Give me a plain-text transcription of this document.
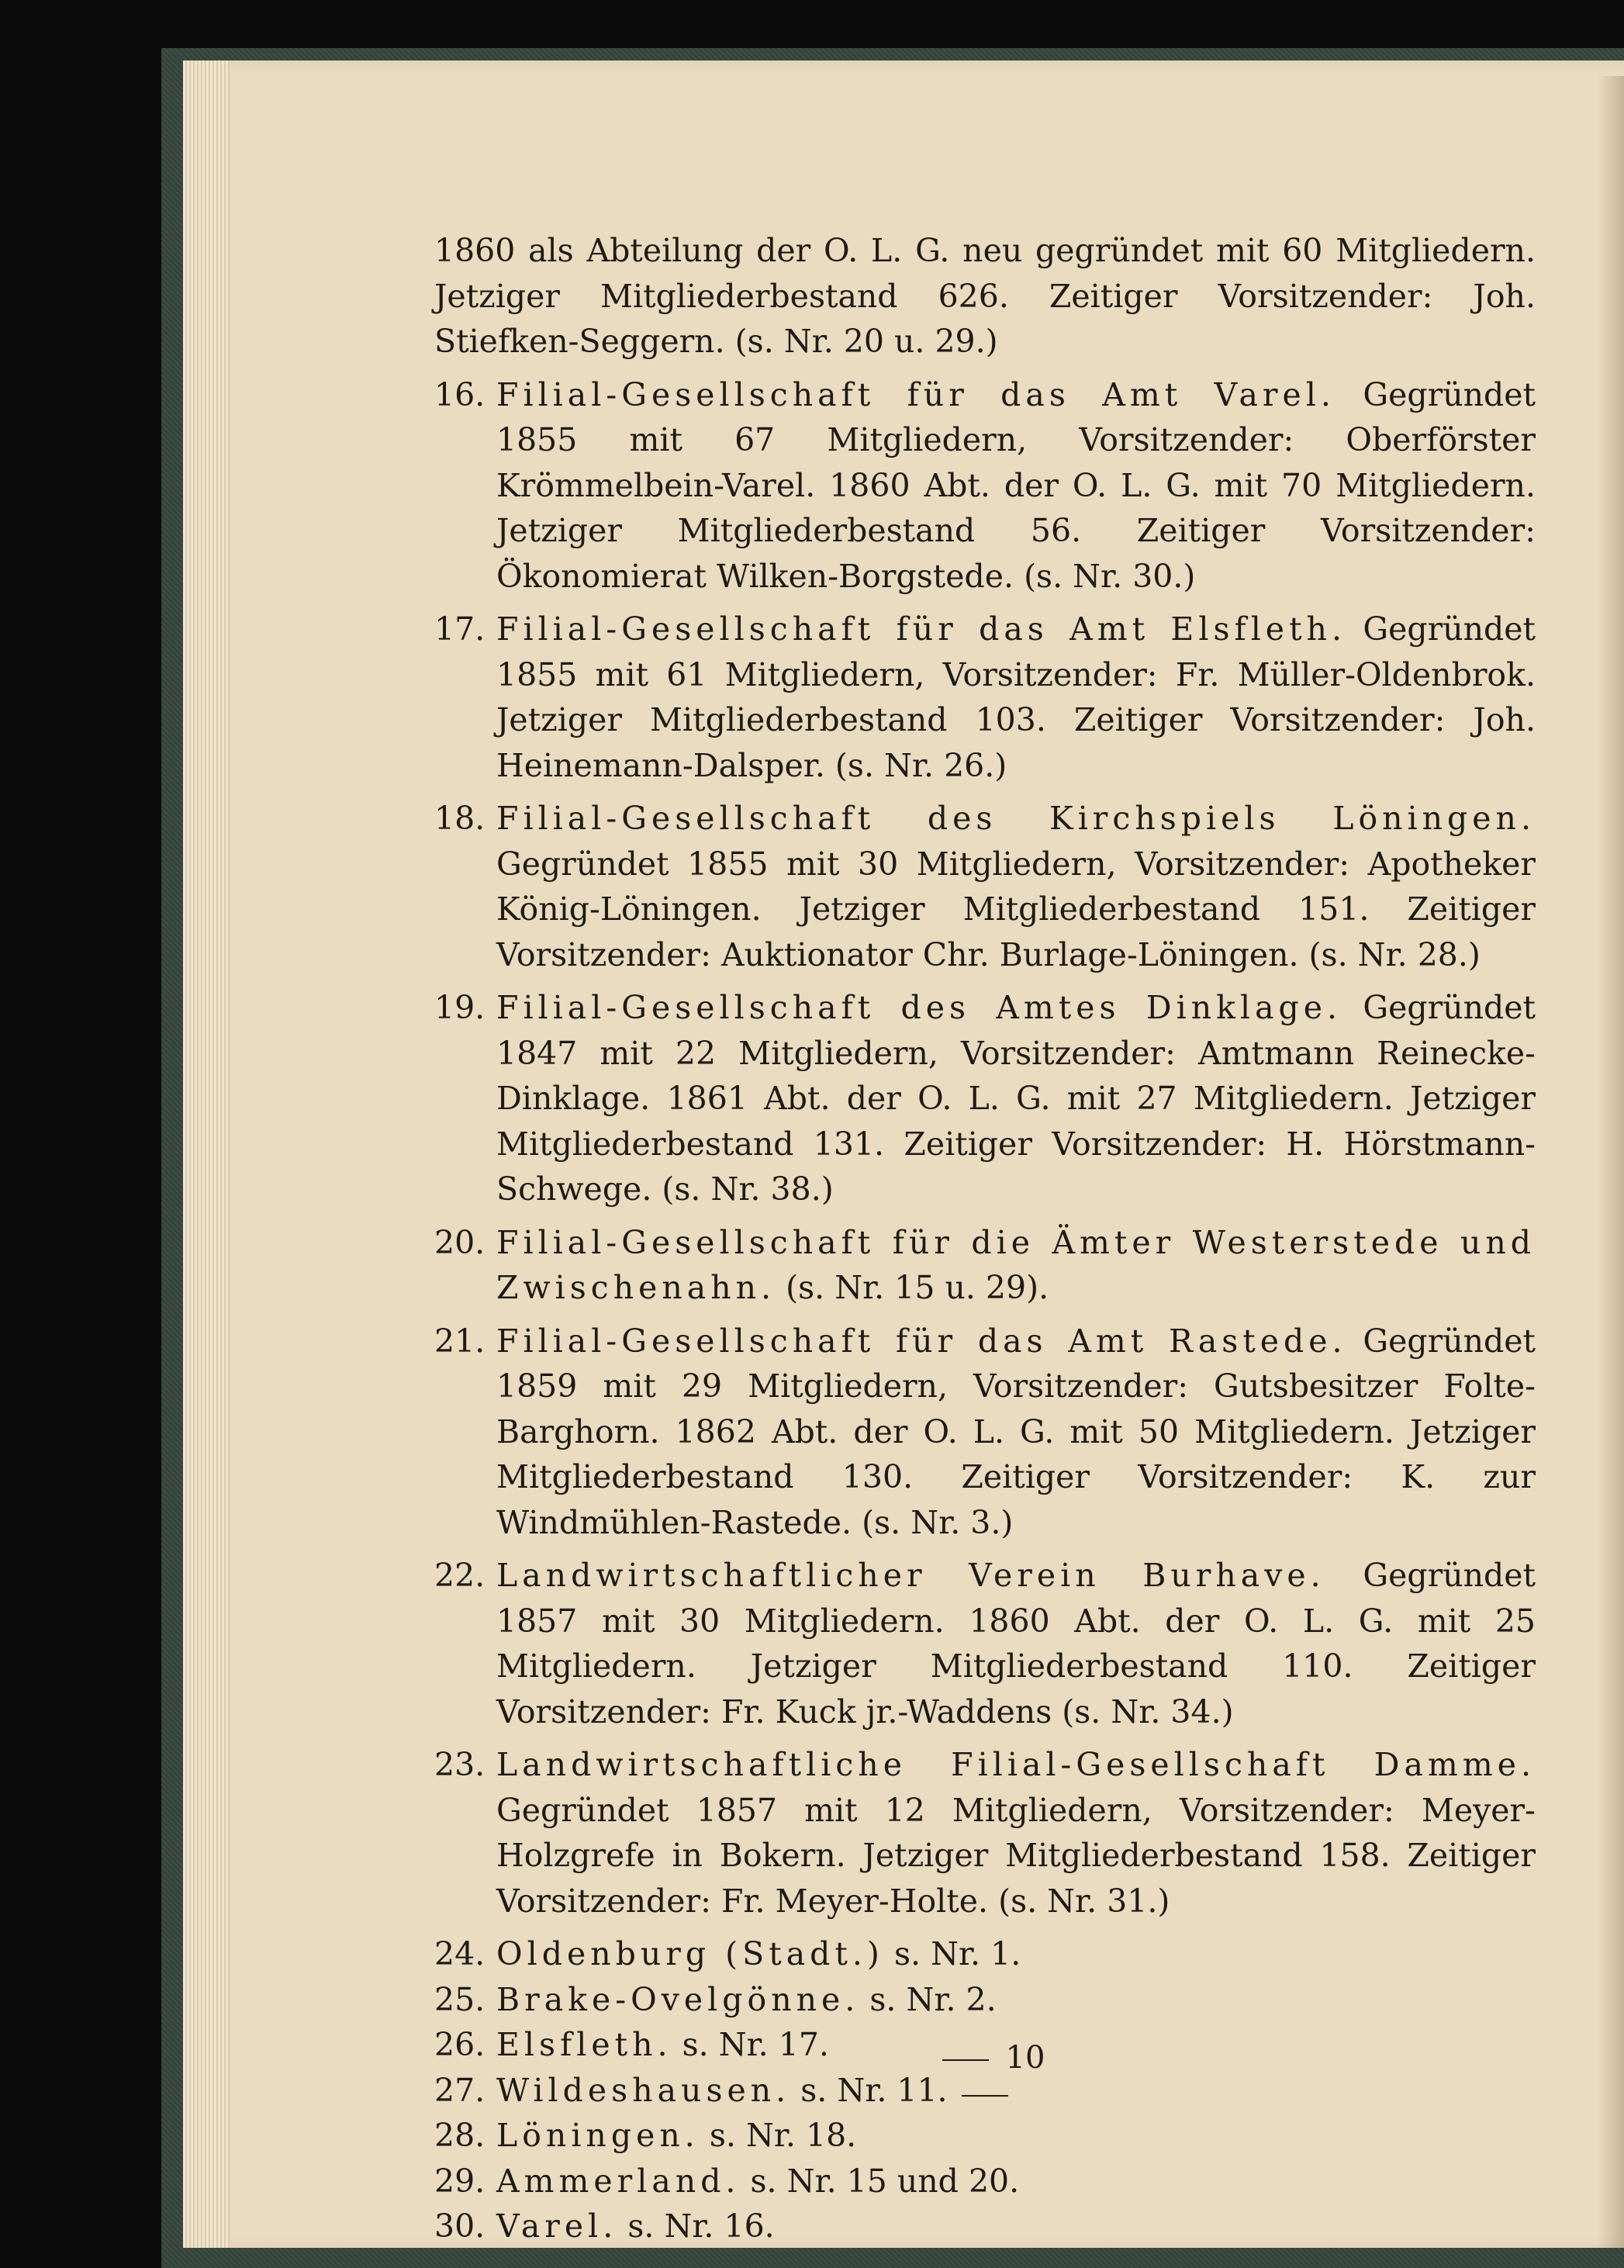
1860 als Abteilung der O. L. G. neu gegründet mit 60 Mitgliedern. Jetziger Mitgliederbestand 626. Zeitiger Vorsitzender: Joh. Stiefken-Seggern. (s. Nr. 20 u. 29.)
16. Filial-Gesellschaft für das Amt Varel. Gegründet 1855 mit 67 Mitgliedern, Vorsitzender: Oberförster Krömmelbein-Varel. 1860 Abt. der O. L. G. mit 70 Mitgliedern. Jetziger Mitgliederbestand 56. Zeitiger Vorsitzender: Ökonomierat Wilken-Borgstede. (s. Nr. 30.)
17. Filial-Gesellschaft für das Amt Elsfleth. Gegründet 1855 mit 61 Mitgliedern, Vorsitzender: Fr. Müller-Oldenbrok. Jetziger Mitgliederbestand 103. Zeitiger Vorsitzender: Joh. Heinemann-Dalsper. (s. Nr. 26.)
18. Filial-Gesellschaft des Kirchspiels Löningen. Gegründet 1855 mit 30 Mitgliedern, Vorsitzender: Apotheker König-Löningen. Jetziger Mitgliederbestand 151. Zeitiger Vorsitzender: Auktionator Chr. Burlage-Löningen. (s. Nr. 28.)
19. Filial-Gesellschaft des Amtes Dinklage. Gegründet 1847 mit 22 Mitgliedern, Vorsitzender: Amtmann Reinecke-Dinklage. 1861 Abt. der O. L. G. mit 27 Mitgliedern. Jetziger Mitgliederbestand 131. Zeitiger Vorsitzender: H. Hörstmann-Schwege. (s. Nr. 38.)
20. Filial-Gesellschaft für die Ämter Westerstede und Zwischenahn. (s. Nr. 15 u. 29).
21. Filial-Gesellschaft für das Amt Rastede. Gegründet 1859 mit 29 Mitgliedern, Vorsitzender: Gutsbesitzer Folte-Barghorn. 1862 Abt. der O. L. G. mit 50 Mitgliedern. Jetziger Mitgliederbestand 130. Zeitiger Vorsitzender: K. zur Windmühlen-Rastede. (s. Nr. 3.)
22. Landwirtschaftlicher Verein Burhave. Gegründet 1857 mit 30 Mitgliedern. 1860 Abt. der O. L. G. mit 25 Mitgliedern. Jetziger Mitgliederbestand 110. Zeitiger Vorsitzender: Fr. Kuck jr.-Waddens (s. Nr. 34.)
23. Landwirtschaftliche Filial-Gesellschaft Damme. Gegründet 1857 mit 12 Mitgliedern, Vorsitzender: Meyer-Holzgrefe in Bokern. Jetziger Mitgliederbestand 158. Zeitiger Vorsitzender: Fr. Meyer-Holte. (s. Nr. 31.)
24. Oldenburg (Stadt.) s. Nr. 1.
25. Brake-Ovelgönne. s. Nr. 2.
26. Elsfleth. s. Nr. 17.
27. Wildeshausen. s. Nr. 11.
28. Löningen. s. Nr. 18.
29. Ammerland. s. Nr. 15 und 20.
30. Varel. s. Nr. 16.
10
